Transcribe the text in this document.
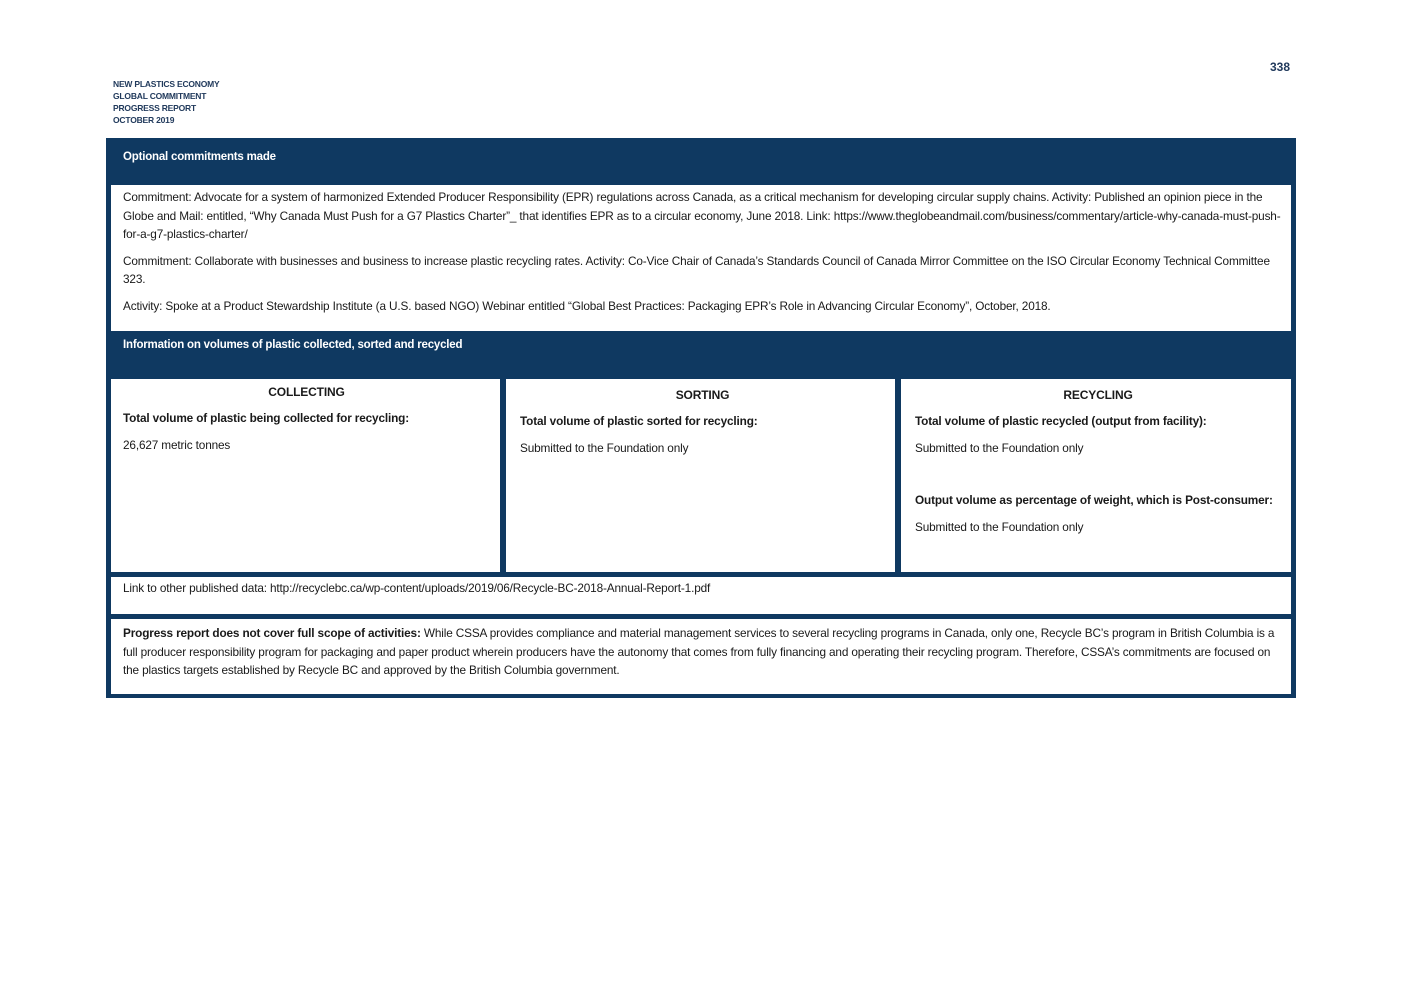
338
NEW PLASTICS ECONOMY
GLOBAL COMMITMENT
PROGRESS REPORT
OCTOBER 2019
Optional commitments made

Commitment: Advocate for a system of harmonized Extended Producer Responsibility (EPR) regulations across Canada, as a critical mechanism for developing circular supply chains. Activity: Published an opinion piece in the Globe and Mail: entitled, “Why Canada Must Push for a G7 Plastics Charter”_ that identifies EPR as to a circular economy, June 2018. Link: https://www.theglobeandmail.com/business/commentary/article-why-canada-must-push-for-a-g7-plastics-charter/

Commitment: Collaborate with businesses and business to increase plastic recycling rates. Activity: Co-Vice Chair of Canada’s Standards Council of Canada Mirror Committee on the ISO Circular Economy Technical Committee 323.

Activity: Spoke at a Product Stewardship Institute (a U.S. based NGO) Webinar entitled “Global Best Practices: Packaging EPR’s Role in Advancing Circular Economy”, October, 2018.

Information on volumes of plastic collected, sorted and recycled
COLLECTING
Total volume of plastic being collected for recycling:
26,627 metric tonnes
SORTING
Total volume of plastic sorted for recycling:
Submitted to the Foundation only
RECYCLING
Total volume of plastic recycled (output from facility):
Submitted to the Foundation only
Output volume as percentage of weight, which is Post-consumer:
Submitted to the Foundation only
Link to other published data: http://recyclebc.ca/wp-content/uploads/2019/06/Recycle-BC-2018-Annual-Report-1.pdf

Progress report does not cover full scope of activities: While CSSA provides compliance and material management services to several recycling programs in Canada, only one, Recycle BC’s program in British Columbia is a full producer responsibility program for packaging and paper product wherein producers have the autonomy that comes from fully financing and operating their recycling program. Therefore, CSSA’s commitments are focused on the plastics targets established by Recycle BC and approved by the British Columbia government.
